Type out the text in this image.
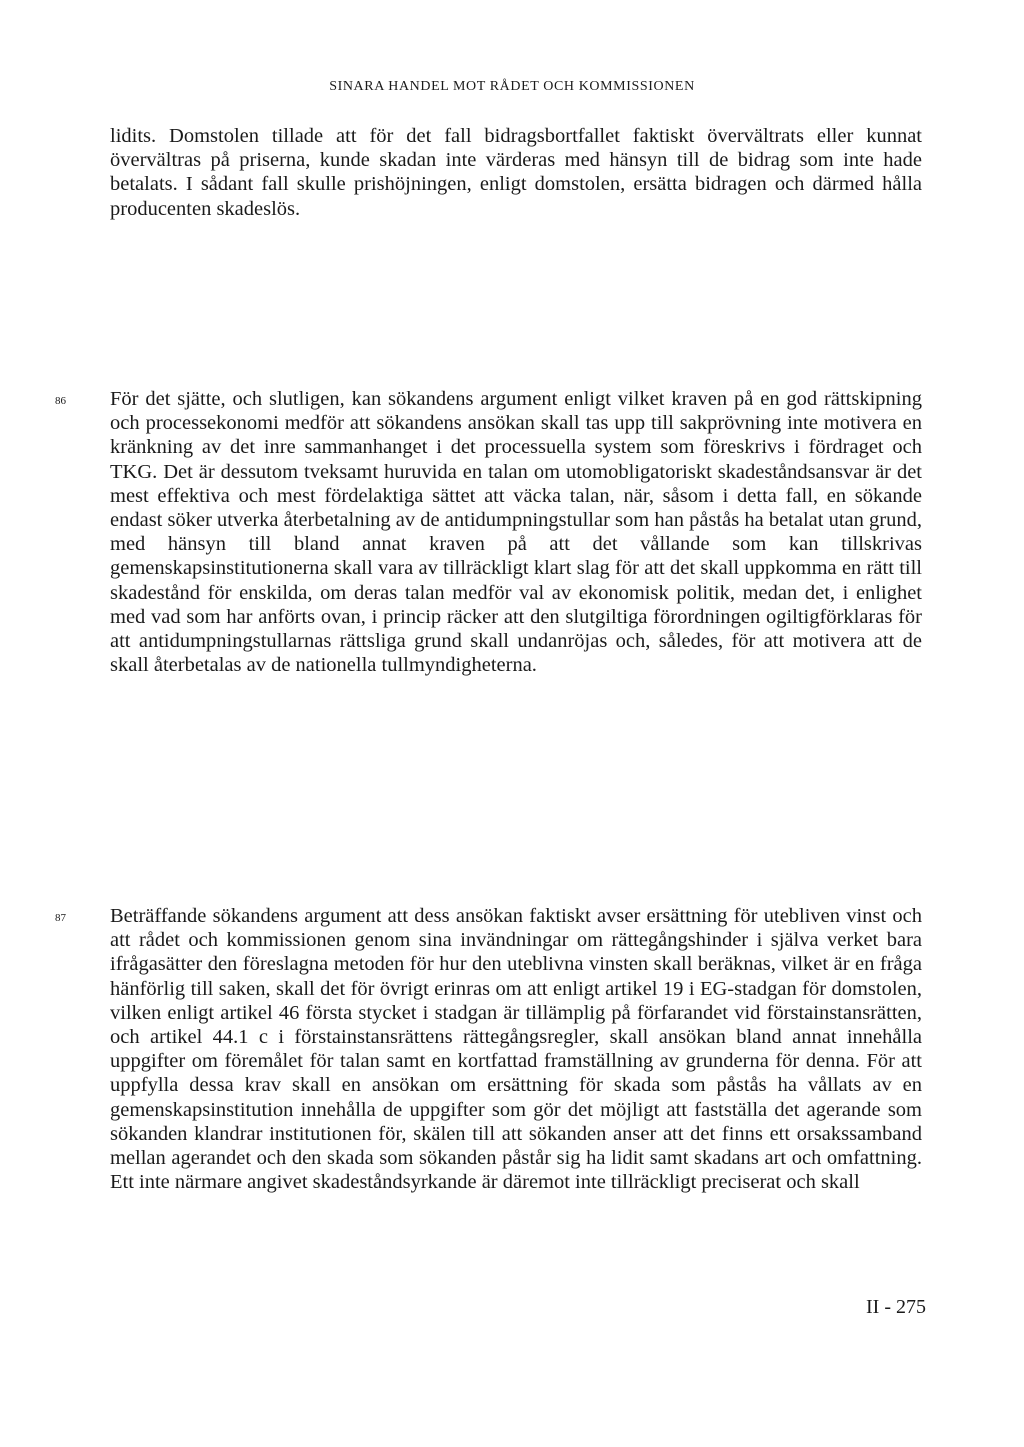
SINARA HANDEL MOT RÅDET OCH KOMMISSIONEN

lidits. Domstolen tillade att för det fall bidragsbortfallet faktiskt övervältrats eller kunnat övervältras på priserna, kunde skadan inte värderas med hänsyn till de bidrag som inte hade betalats. I sådant fall skulle prishöjningen, enligt domstolen, ersätta bidragen och därmed hålla producenten skadeslös.

86 För det sjätte, och slutligen, kan sökandens argument enligt vilket kraven på en god rättskipning och processekonomi medför att sökandens ansökan skall tas upp till sakprövning inte motivera en kränkning av det inre sammanhanget i det processuella system som föreskrivs i fördraget och TKG. Det är dessutom tveksamt huruvida en talan om utomobligatoriskt skadeståndsansvar är det mest effektiva och mest fördelaktiga sättet att väcka talan, när, såsom i detta fall, en sökande endast söker utverka återbetalning av de antidumpningstullar som han påstås ha betalat utan grund, med hänsyn till bland annat kraven på att det vållande som kan tillskrivas gemenskapsinstitutionerna skall vara av tillräckligt klart slag för att det skall uppkomma en rätt till skadestånd för enskilda, om deras talan medför val av ekonomisk politik, medan det, i enlighet med vad som har anförts ovan, i princip räcker att den slutgiltiga förordningen ogiltigförklaras för att antidumpningstullarnas rättsliga grund skall undanröjas och, således, för att motivera att de skall återbetalas av de nationella tullmyndigheterna.

87 Beträffande sökandens argument att dess ansökan faktiskt avser ersättning för utebliven vinst och att rådet och kommissionen genom sina invändningar om rättegångshinder i själva verket bara ifrågasätter den föreslagna metoden för hur den uteblivna vinsten skall beräknas, vilket är en fråga hänförlig till saken, skall det för övrigt erinras om att enligt artikel 19 i EG-stadgan för domstolen, vilken enligt artikel 46 första stycket i stadgan är tillämplig på förfarandet vid förstainstansrätten, och artikel 44.1 c i förstainstansrättens rättegångsregler, skall ansökan bland annat innehålla uppgifter om föremålet för talan samt en kortfattad framställning av grunderna för denna. För att uppfylla dessa krav skall en ansökan om ersättning för skada som påstås ha vållats av en gemenskapsinstitution innehålla de uppgifter som gör det möjligt att fastställa det agerande som sökanden klandrar institutionen för, skälen till att sökanden anser att det finns ett orsakssamband mellan agerandet och den skada som sökanden påstår sig ha lidit samt skadans art och omfattning. Ett inte närmare angivet skadeståndsyrkande är däremot inte tillräckligt preciserat och skall

II - 275
